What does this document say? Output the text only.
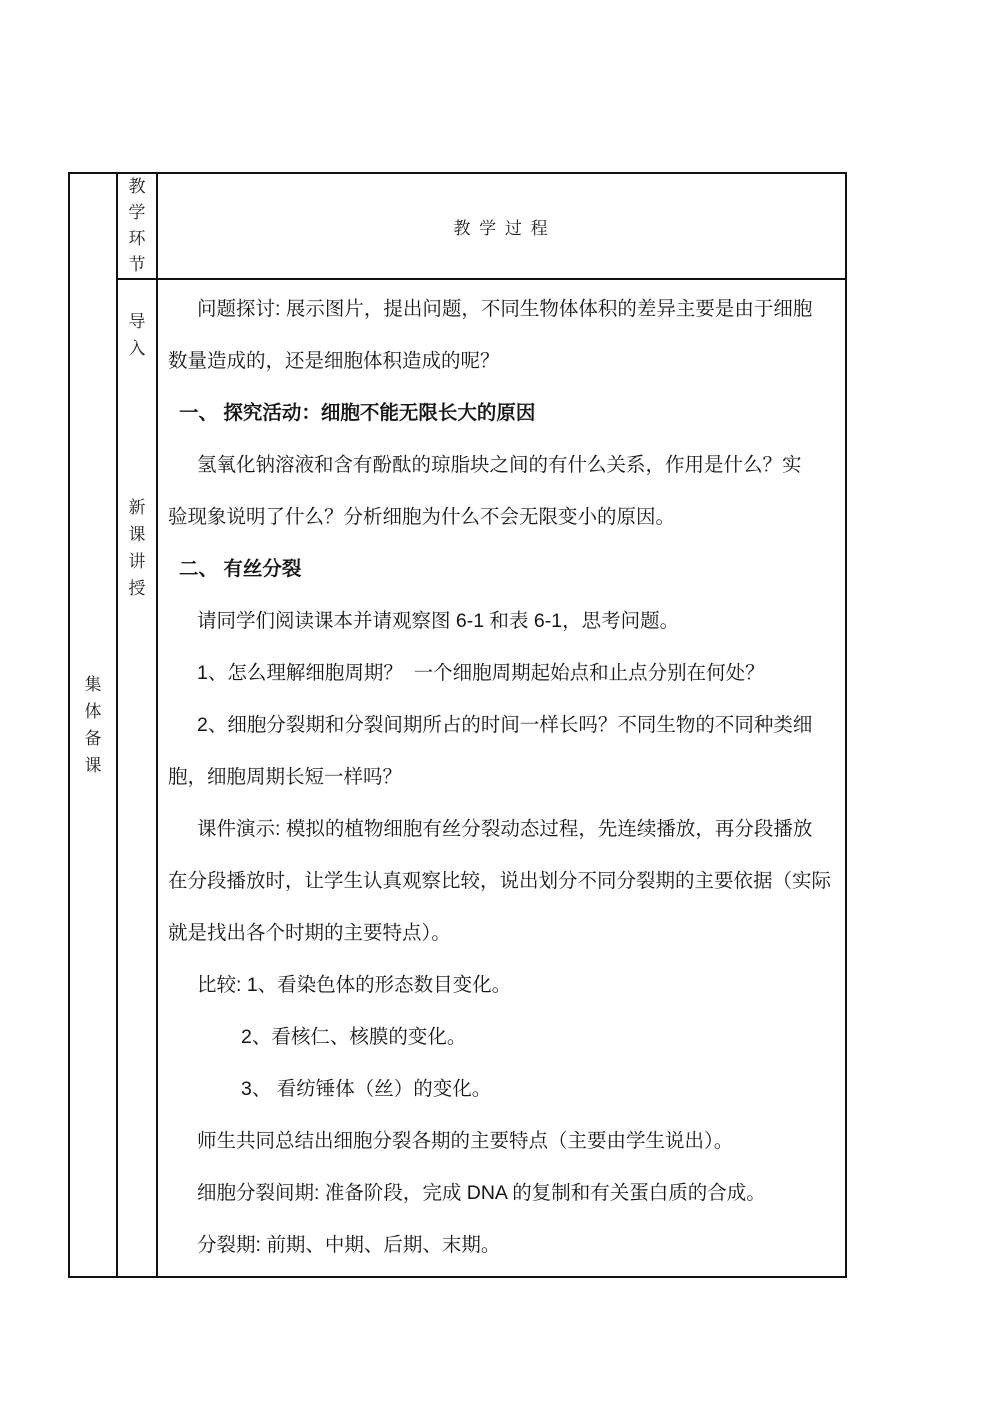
集体备课
教学环节
教 学 过 程
导入
新课讲授
问题探讨: 展示图片，提出问题，不同生物体体积的差异主要是由于细胞
数量造成的，还是细胞体积造成的呢？
一、 探究活动：细胞不能无限长大的原因
氢氧化钠溶液和含有酚酞的琼脂块之间的有什么关系，作用是什么？实
验现象说明了什么？分析细胞为什么不会无限变小的原因。
二、 有丝分裂
请同学们阅读课本并请观察图 6-1 和表 6-1，思考问题。
1、怎么理解细胞周期？  一个细胞周期起始点和止点分别在何处？
2、细胞分裂期和分裂间期所占的时间一样长吗？不同生物的不同种类细
胞，细胞周期长短一样吗？
课件演示: 模拟的植物细胞有丝分裂动态过程，先连续播放，再分段播放
在分段播放时，让学生认真观察比较，说出划分不同分裂期的主要依据（实际
就是找出各个时期的主要特点）。
比较: 1、看染色体的形态数目变化。
2、看核仁、核膜的变化。
3、 看纺锤体（丝）的变化。
师生共同总结出细胞分裂各期的主要特点（主要由学生说出）。
细胞分裂间期: 准备阶段，完成 DNA 的复制和有关蛋白质的合成。
分裂期: 前期、中期、后期、末期。
